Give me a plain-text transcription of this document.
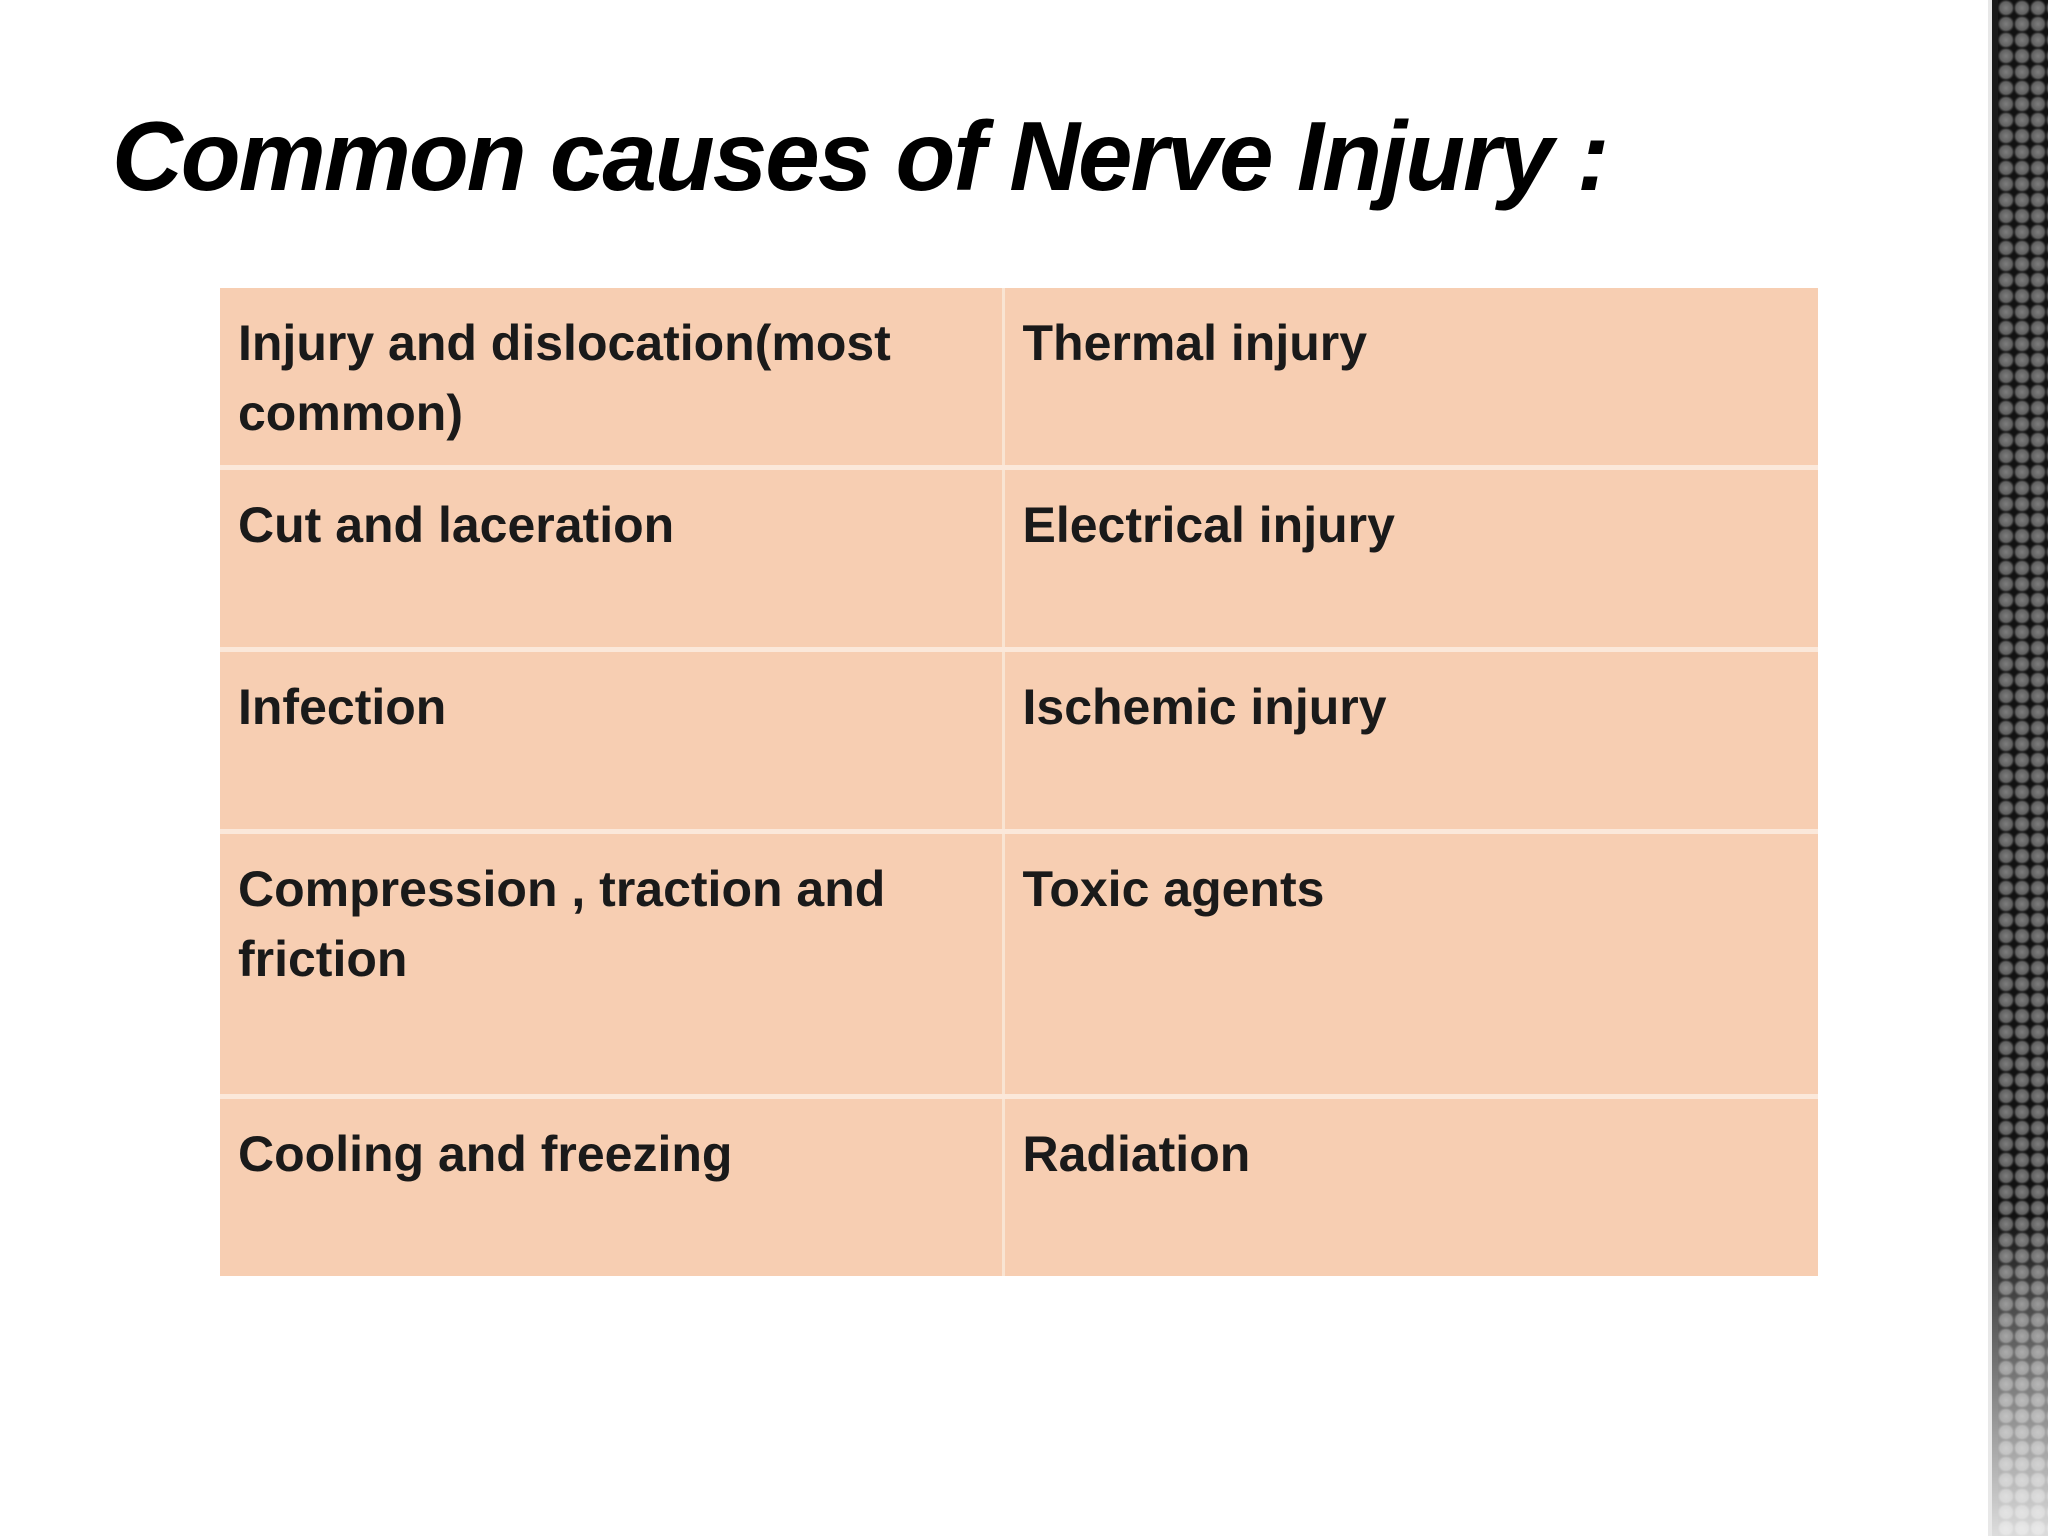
Common causes of Nerve Injury :
Injury and dislocation(most common)	Thermal injury
Cut and laceration	Electrical injury
Infection	Ischemic injury
Compression , traction and friction	Toxic agents
Cooling and freezing	Radiation
